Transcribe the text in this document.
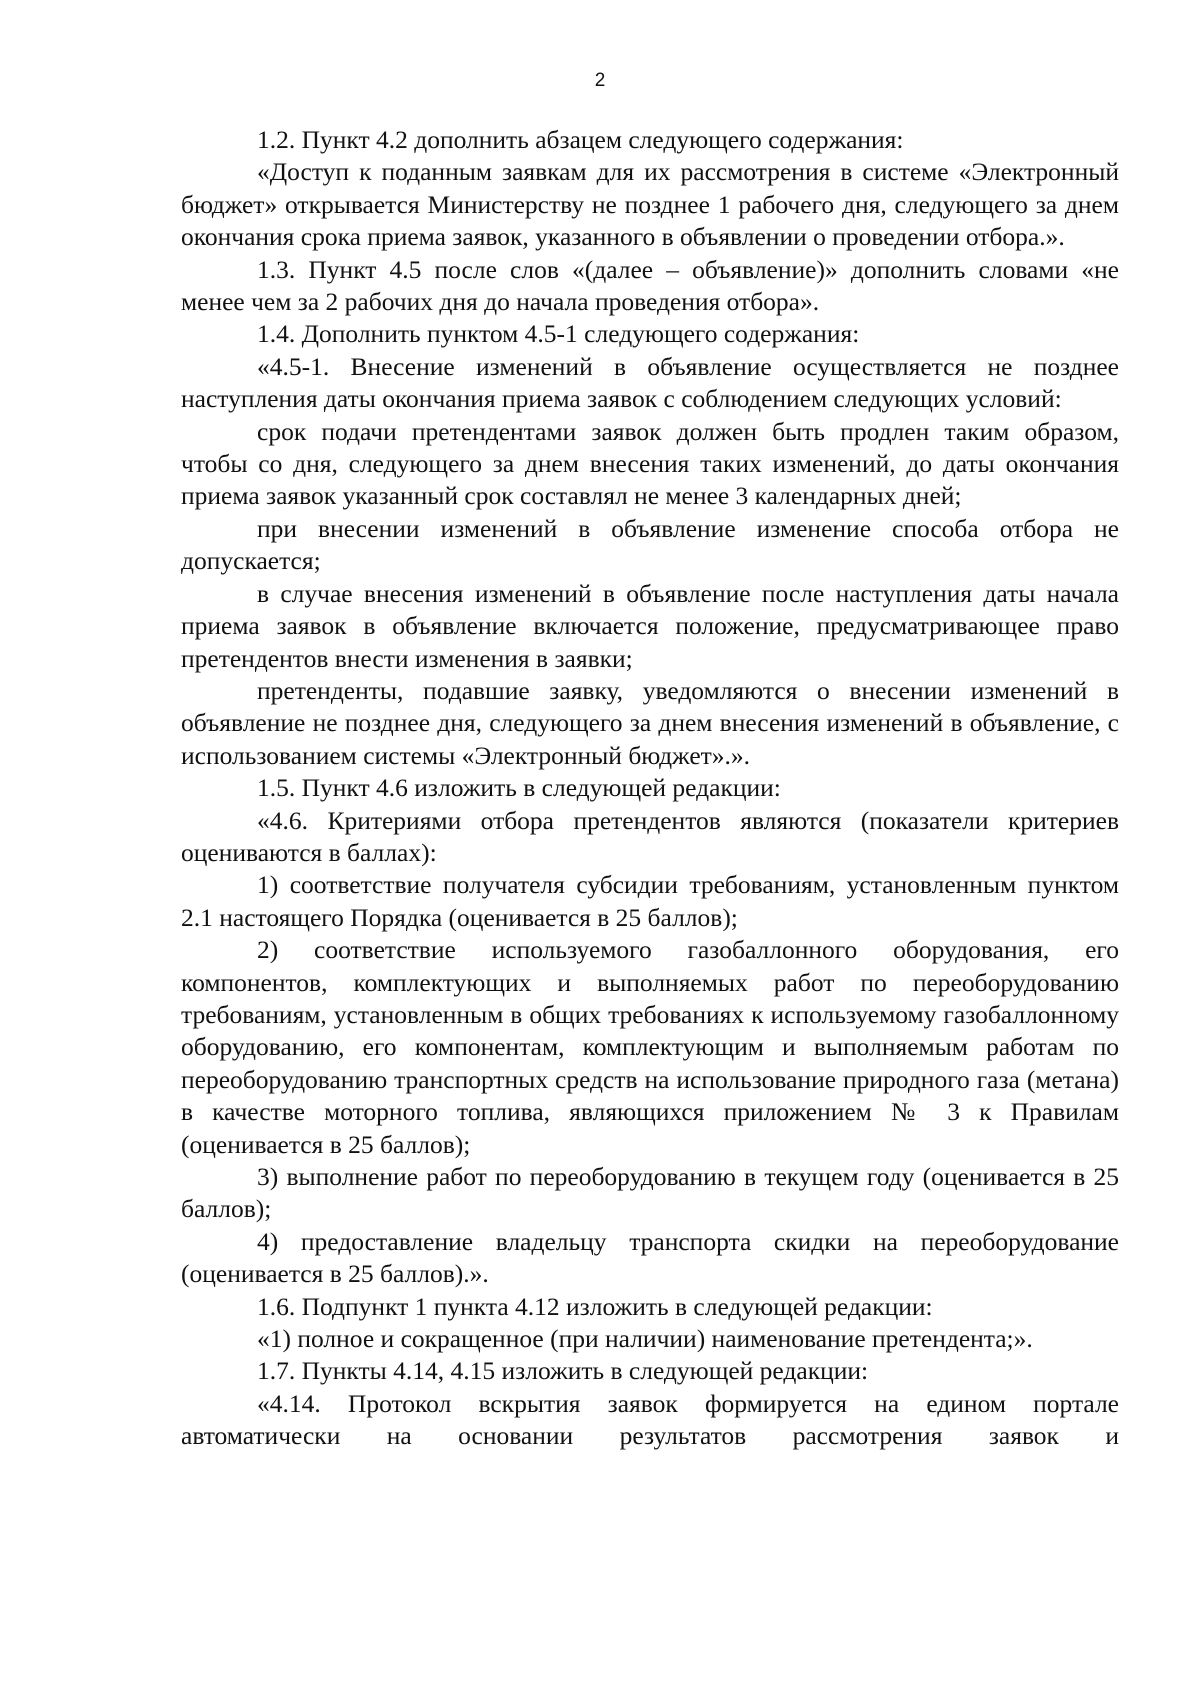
2

1.2. Пункт 4.2 дополнить абзацем следующего содержания:

«Доступ к поданным заявкам для их рассмотрения в системе «Электронный бюджет» открывается Министерству не позднее 1 рабочего дня, следующего за днем окончания срока приема заявок, указанного в объявлении о проведении отбора.».

1.3. Пункт 4.5 после слов «(далее – объявление)» дополнить словами «не менее чем за 2 рабочих дня до начала проведения отбора».

1.4. Дополнить пунктом 4.5-1 следующего содержания:

«4.5-1. Внесение изменений в объявление осуществляется не позднее наступления даты окончания приема заявок с соблюдением следующих условий:

срок подачи претендентами заявок должен быть продлен таким образом, чтобы со дня, следующего за днем внесения таких изменений, до даты окончания приема заявок указанный срок составлял не менее 3 календарных дней;

при внесении изменений в объявление изменение способа отбора не допускается;

в случае внесения изменений в объявление после наступления даты начала приема заявок в объявление включается положение, предусматривающее право претендентов внести изменения в заявки;

претенденты, подавшие заявку, уведомляются о внесении изменений в объявление не позднее дня, следующего за днем внесения изменений в объявление, с использованием системы «Электронный бюджет».».

1.5. Пункт 4.6 изложить в следующей редакции:

«4.6. Критериями отбора претендентов являются (показатели критериев оцениваются в баллах):

1) соответствие получателя субсидии требованиям, установленным пунктом 2.1 настоящего Порядка (оценивается в 25 баллов);

2) соответствие используемого газобаллонного оборудования, его компонентов, комплектующих и выполняемых работ по переоборудованию требованиям, установленным в общих требованиях к используемому газобаллонному оборудованию, его компонентам, комплектующим и выполняемым работам по переоборудованию транспортных средств на использование природного газа (метана) в качестве моторного топлива, являющихся приложением № 3 к Правилам (оценивается в 25 баллов);

3) выполнение работ по переоборудованию в текущем году (оценивается в 25 баллов);

4) предоставление владельцу транспорта скидки на переоборудование (оценивается в 25 баллов).».

1.6. Подпункт 1 пункта 4.12 изложить в следующей редакции:

«1) полное и сокращенное (при наличии) наименование претендента;».

1.7. Пункты 4.14, 4.15 изложить в следующей редакции:

«4.14. Протокол вскрытия заявок формируется на едином портале автоматически на основании результатов рассмотрения заявок и
